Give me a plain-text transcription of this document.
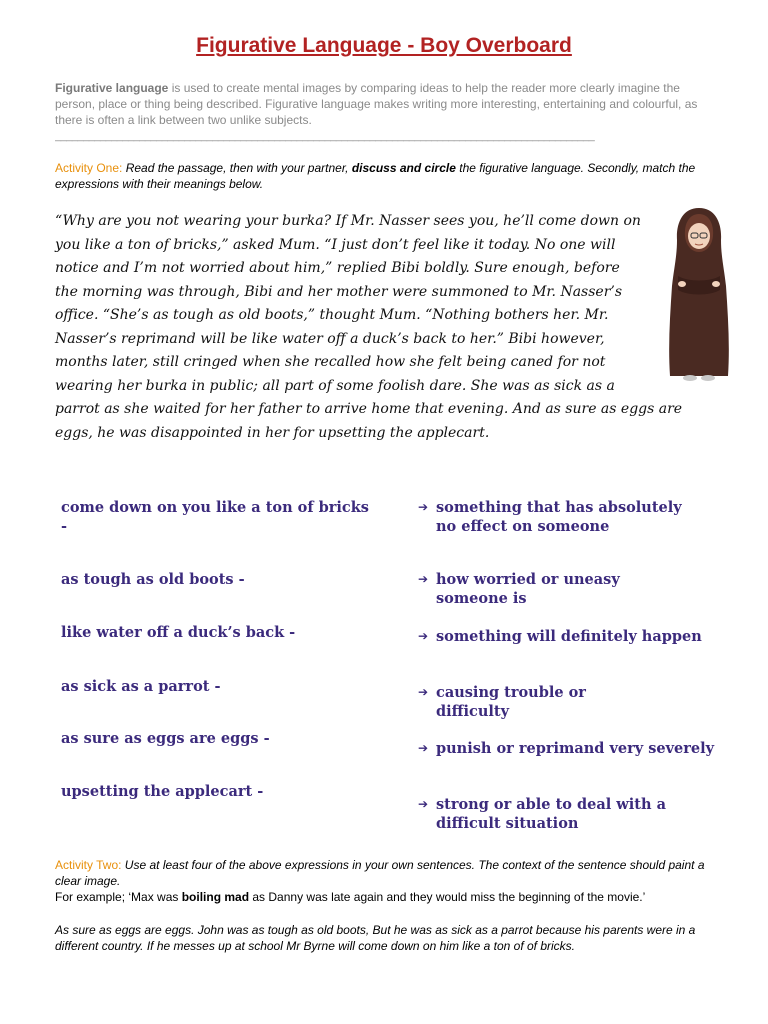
Figurative Language - Boy Overboard
Figurative language is used to create mental images by comparing ideas to help the reader more clearly imagine the person, place or thing being described. Figurative language makes writing more interesting, entertaining and colourful, as there is often a link between two unlike subjects.
________________________________________________________________________________________________
Activity One: Read the passage, then with your partner, discuss and circle the figurative language. Secondly, match the expressions with their meanings below.

“Why are you not wearing your burka? If Mr. Nasser sees you, he’ll come down on

you like a ton of bricks,” asked Mum. “I just don’t feel like it today. No one will

notice and I’m not worried about him,” replied Bibi boldly. Sure enough, before

the morning was through, Bibi and her mother were summoned to Mr. Nasser’s

office. “She’s as tough as old boots,” thought Mum. “Nothing bothers her. Mr.

Nasser’s reprimand will be like water off a duck’s back to her.” Bibi however,

months later, still cringed when she recalled how she felt being caned for not

wearing her burka in public; all part of some foolish dare. She was as sick as a

parrot as she waited for her father to arrive home that evening. And as sure as eggs are

eggs, he was disappointed in her for upsetting the applecart.

come down on you like a ton of bricks -
as tough as old boots -
like water off a duck’s back -
as sick as a parrot -
as sure as eggs are eggs -
upsetting the applecart -
➔ something that has absolutely no effect on someone
➔ how worried or uneasy someone is
➔ something will definitely happen
➔ causing trouble or difficulty
➔ punish or reprimand very severely
➔ strong or able to deal with a difficult situation
Activity Two: Use at least four of the above expressions in your own sentences. The context of the sentence should paint a clear image.
For example; ‘Max was boiling mad as Danny was late again and they would miss the beginning of the movie.’
As sure as eggs are eggs. John was as tough as old boots, But he was as sick as a parrot because his parents were in a different country. If he messes up at school Mr Byrne will come down on him like a ton of of bricks.
